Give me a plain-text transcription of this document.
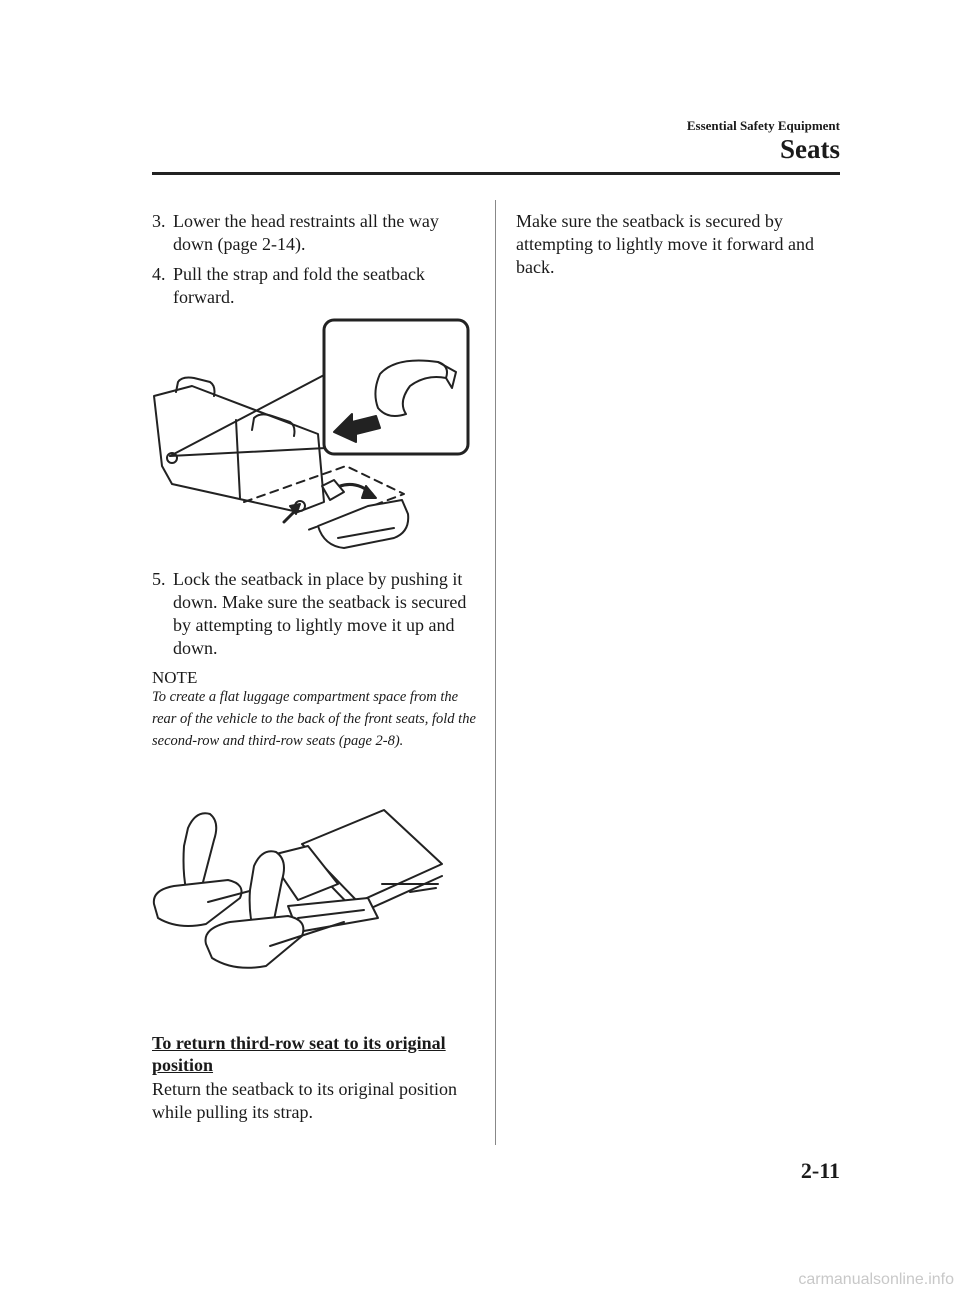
Essential Safety Equipment
Seats
3. Lower the head restraints all the way down (page 2-14).
4. Pull the strap and fold the seatback forward.
5. Lock the seatback in place by pushing it down. Make sure the seatback is secured by attempting to lightly move it up and down.
NOTE
To create a flat luggage compartment space from the rear of the vehicle to the back of the front seats, fold the second-row and third-row seats (page 2-8).
To return third-row seat to its original position
Return the seatback to its original position while pulling its strap.
Make sure the seatback is secured by attempting to lightly move it forward and back.
2-11
carmanualsonline.info
